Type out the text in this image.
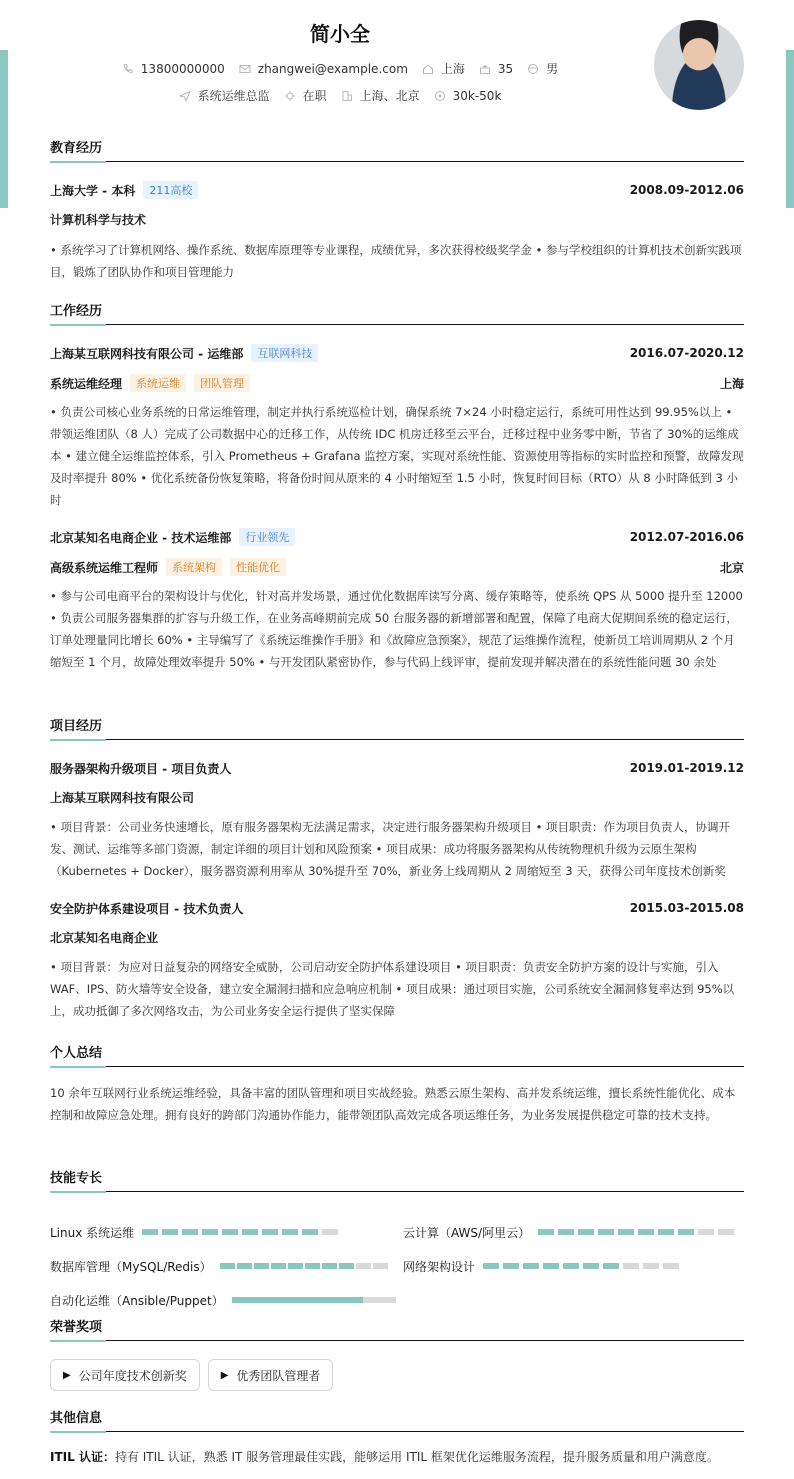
简小全
13800000000	zhangwei@example.com	上海	35	男
系统运维总监	在职	上海、北京	30k-50k
教育经历
上海大学 - 本科	211高校	2008.09-2012.06
计算机科学与技术
• 系统学习了计算机网络、操作系统、数据库原理等专业课程，成绩优异，多次获得校级奖学金 • 参与学校组织的计算机技术创新实践项目，锻炼了团队协作和项目管理能力
工作经历
上海某互联网科技有限公司 - 运维部	互联网科技	2016.07-2020.12
系统运维经理	系统运维	团队管理	上海
• 负责公司核心业务系统的日常运维管理，制定并执行系统巡检计划，确保系统 7×24 小时稳定运行，系统可用性达到 99.95%以上 • 带领运维团队（8 人）完成了公司数据中心的迁移工作，从传统 IDC 机房迁移至云平台，迁移过程中业务零中断，节省了 30%的运维成本 • 建立健全运维监控体系，引入 Prometheus + Grafana 监控方案，实现对系统性能、资源使用等指标的实时监控和预警，故障发现及时率提升 80% • 优化系统备份恢复策略，将备份时间从原来的 4 小时缩短至 1.5 小时，恢复时间目标（RTO）从 8 小时降低到 3 小时
北京某知名电商企业 - 技术运维部	行业领先	2012.07-2016.06
高级系统运维工程师	系统架构	性能优化	北京
• 参与公司电商平台的架构设计与优化，针对高并发场景，通过优化数据库读写分离、缓存策略等，使系统 QPS 从 5000 提升至 12000 • 负责公司服务器集群的扩容与升级工作，在业务高峰期前完成 50 台服务器的新增部署和配置，保障了电商大促期间系统的稳定运行，订单处理量同比增长 60% • 主导编写了《系统运维操作手册》和《故障应急预案》，规范了运维操作流程，使新员工培训周期从 2 个月缩短至 1 个月，故障处理效率提升 50% • 与开发团队紧密协作，参与代码上线评审，提前发现并解决潜在的系统性能问题 30 余处
项目经历
服务器架构升级项目 - 项目负责人	2019.01-2019.12
上海某互联网科技有限公司
• 项目背景：公司业务快速增长，原有服务器架构无法满足需求，决定进行服务器架构升级项目 • 项目职责：作为项目负责人，协调开发、测试、运维等多部门资源，制定详细的项目计划和风险预案 • 项目成果：成功将服务器架构从传统物理机升级为云原生架构（Kubernetes + Docker），服务器资源利用率从 30%提升至 70%，新业务上线周期从 2 周缩短至 3 天，获得公司年度技术创新奖
安全防护体系建设项目 - 技术负责人	2015.03-2015.08
北京某知名电商企业
• 项目背景：为应对日益复杂的网络安全威胁，公司启动安全防护体系建设项目 • 项目职责：负责安全防护方案的设计与实施，引入 WAF、IPS、防火墙等安全设备，建立安全漏洞扫描和应急响应机制 • 项目成果：通过项目实施，公司系统安全漏洞修复率达到 95%以上，成功抵御了多次网络攻击，为公司业务安全运行提供了坚实保障
个人总结
10 余年互联网行业系统运维经验，具备丰富的团队管理和项目实战经验。熟悉云原生架构、高并发系统运维，擅长系统性能优化、成本控制和故障应急处理。拥有良好的跨部门沟通协作能力，能带领团队高效完成各项运维任务，为业务发展提供稳定可靠的技术支持。
技能专长
Linux 系统运维	云计算（AWS/阿里云）
数据库管理（MySQL/Redis）	网络架构设计
自动化运维（Ansible/Puppet）
荣誉奖项
▶ 公司年度技术创新奖	▶ 优秀团队管理者
其他信息
ITIL 认证：持有 ITIL 认证，熟悉 IT 服务管理最佳实践，能够运用 ITIL 框架优化运维服务流程，提升服务质量和用户满意度。
